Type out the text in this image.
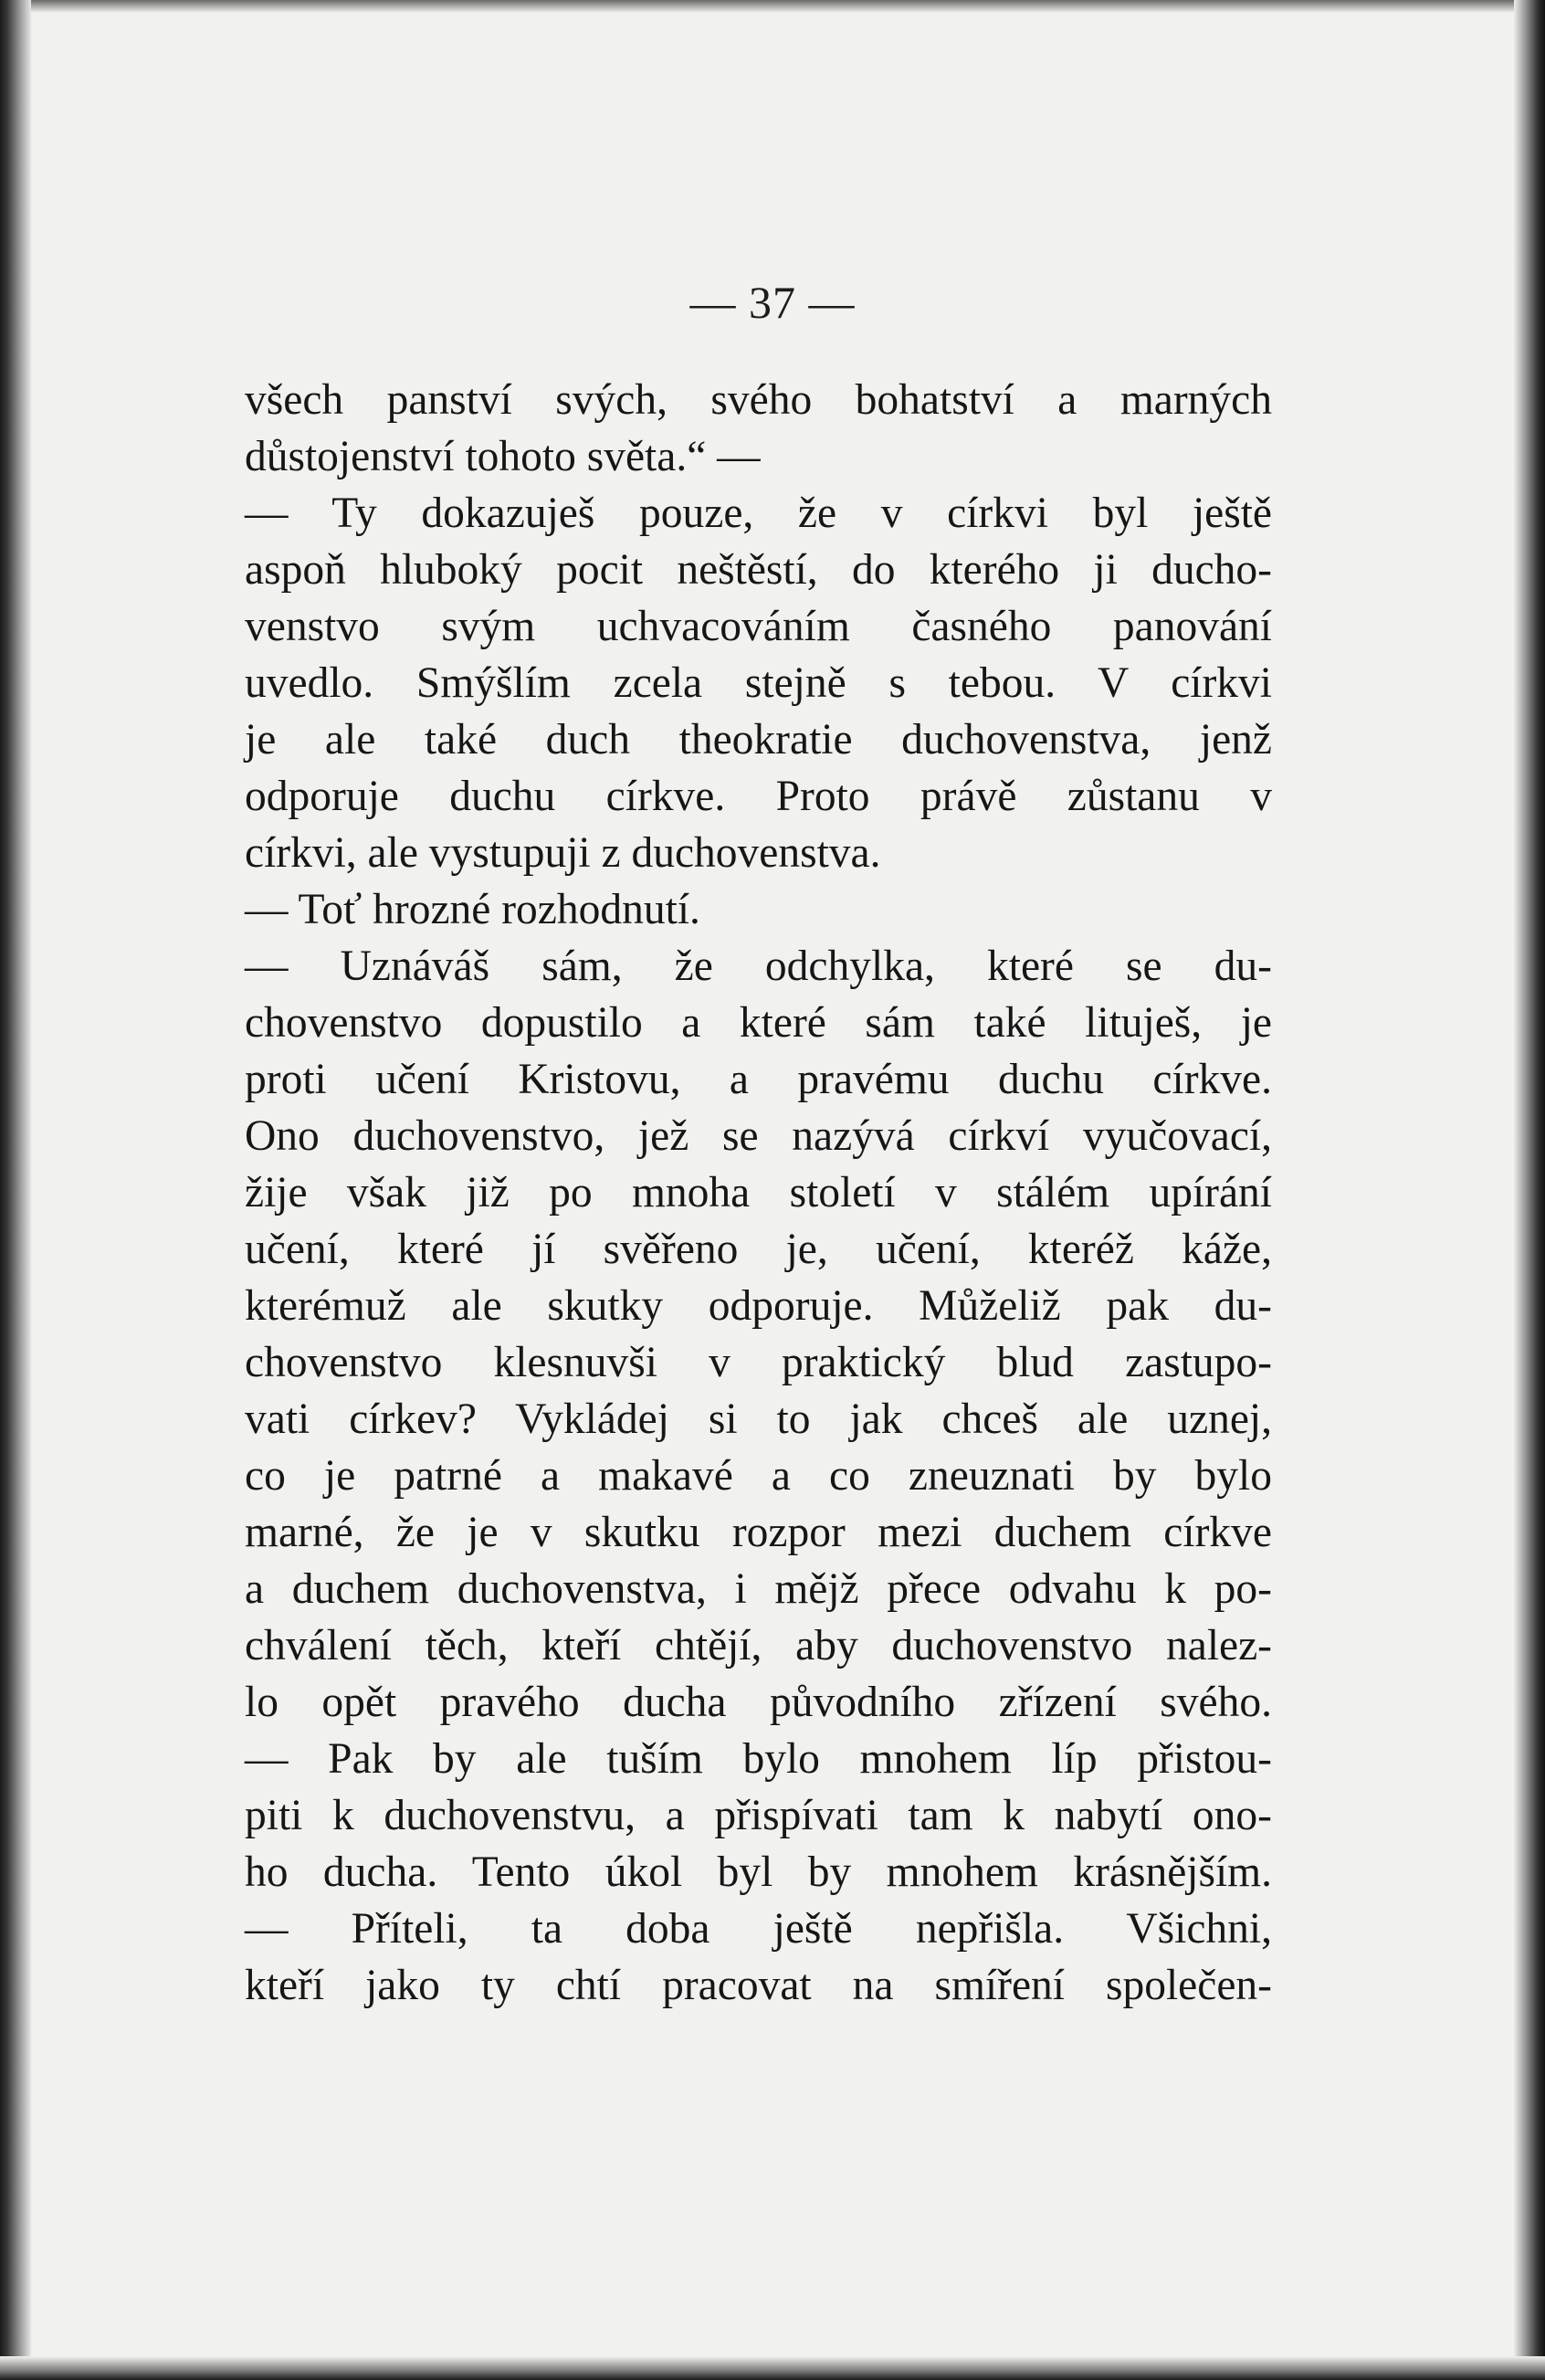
— 37 —
všech panství svých, svého bohatství a marných
důstojenství tohoto světa.“ —
— Ty dokazuješ pouze, že v církvi byl ještě
aspoň hluboký pocit neštěstí, do kterého ji ducho-
venstvo svým uchvacováním časného panování
uvedlo. Smýšlím zcela stejně s tebou. V církvi
je ale také duch theokratie duchovenstva, jenž
odporuje duchu církve. Proto právě zůstanu v
církvi, ale vystupuji z duchovenstva.
— Toť hrozné rozhodnutí.
— Uznáváš sám, že odchylka, které se du-
chovenstvo dopustilo a které sám také lituješ, je
proti učení Kristovu, a pravému duchu církve.
Ono duchovenstvo, jež se nazývá církví vyučovací,
žije však již po mnoha století v stálém upírání
učení, které jí svěřeno je, učení, kteréž káže,
kterémuž ale skutky odporuje. Můželiž pak du-
chovenstvo klesnuvši v praktický blud zastupo-
vati církev? Vykládej si to jak chceš ale uznej,
co je patrné a makavé a co zneuznati by bylo
marné, že je v skutku rozpor mezi duchem církve
a duchem duchovenstva, i mějž přece odvahu k po-
chválení těch, kteří chtějí, aby duchovenstvo nalez-
lo opět pravého ducha původního zřízení svého.
— Pak by ale tuším bylo mnohem líp přistou-
piti k duchovenstvu, a přispívati tam k nabytí ono-
ho ducha. Tento úkol byl by mnohem krásnějším.
— Příteli, ta doba ještě nepřišla. Všichni,
kteří jako ty chtí pracovat na smíření společen-
